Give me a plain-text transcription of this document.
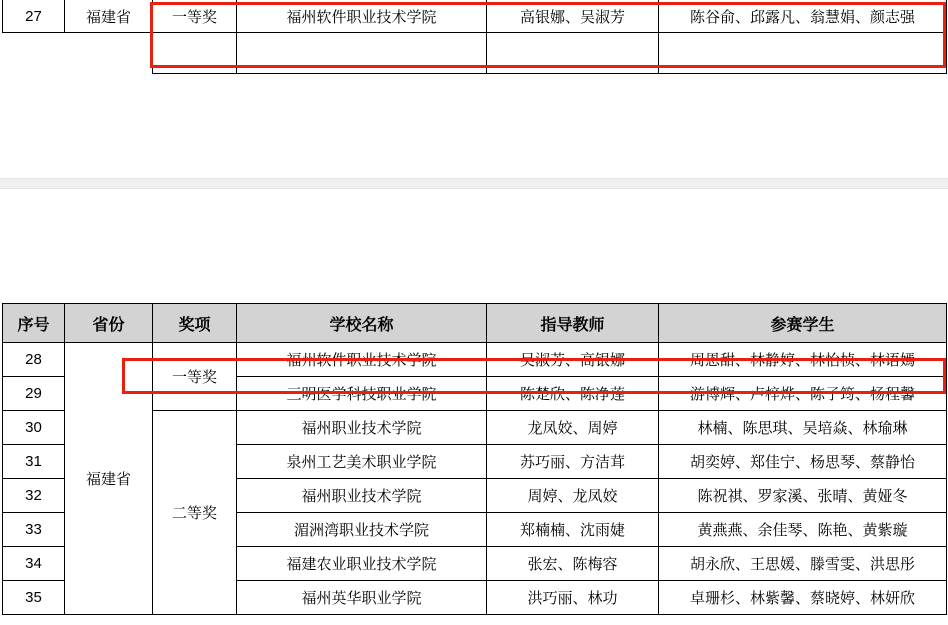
27	福建省	一等奖	福州软件职业技术学院	高银娜、吴淑芳	陈谷俞、邱露凡、翁慧娟、颜志强

序号	省份	奖项	学校名称	指导教师	参赛学生
28	福建省	一等奖	福州软件职业技术学院	吴淑芳、高银娜	周恩甜、林静婷、林怡桢、林语嫣
29			三明医学科技职业学院	陈楚欣、陈净莲	游博辉、卢梓烨、陈子筠、杨程馨
30		二等奖	福州职业技术学院	龙凤姣、周婷	林楠、陈思琪、吴培焱、林瑜琳
31			泉州工艺美术职业学院	苏巧丽、方洁茸	胡奕婷、郑佳宁、杨思琴、蔡静怡
32			福州职业技术学院	周婷、龙凤姣	陈祝祺、罗家溪、张晴、黄娅冬
33			湄洲湾职业技术学院	郑楠楠、沈雨婕	黄燕燕、余佳琴、陈艳、黄紫璇
34			福建农业职业技术学院	张宏、陈梅容	胡永欣、王思媛、滕雪雯、洪思彤
35			福州英华职业学院	洪巧丽、林功	卓珊杉、林紫馨、蔡晓婷、林妍欣
